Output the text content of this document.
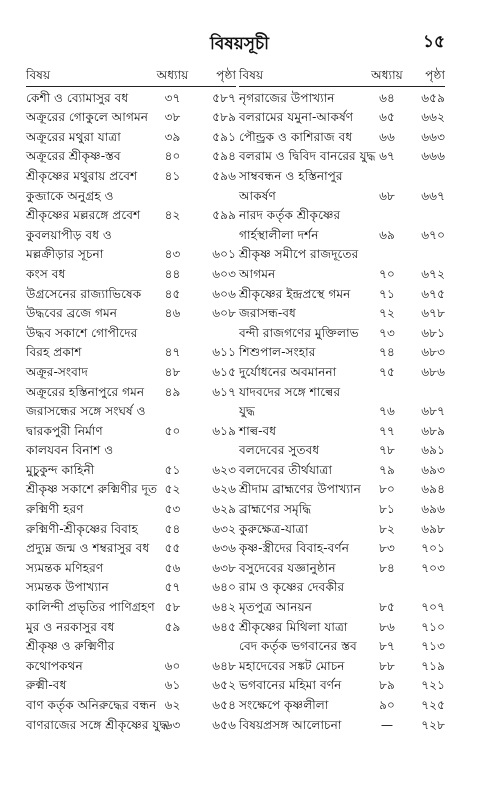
বিষয়সূচী	১৫
বিষয়	অধ্যায়	পৃষ্ঠা
কেশী ও ব্যোমাসুর বধ	৩৭	৫৮৭
অক্রূরের গোকুলে আগমন	৩৮	৫৮৯
অক্রূরের মথুরা যাত্রা	৩৯	৫৯১
অক্রূরের শ্রীকৃষ্ণ-স্তব	৪০	৫৯৪
শ্রীকৃষ্ণের মথুরায় প্রবেশ	৪১	৫৯৬
কুব্জাকে অনুগ্রহ ও
শ্রীকৃষ্ণের মল্লরঙ্গে প্রবেশ	৪২	৫৯৯
কুবলয়াপীড় বধ ও
মল্লক্রীড়ার সূচনা	৪৩	৬০১
কংস বধ	৪৪	৬০৩
উগ্রসেনের রাজ্যাভিষেক	৪৫	৬০৬
উদ্ধবের ব্রজে গমন	৪৬	৬০৮
উদ্ধব সকাশে গোপীদের
বিরহ প্রকাশ	৪৭	৬১১
অক্রূর-সংবাদ	৪৮	৬১৫
অক্রূরের হস্তিনাপুরে গমন	৪৯	৬১৭
জরাসন্ধের সঙ্গে সংঘর্ষ ও
দ্বারকপুরী নির্মাণ	৫০	৬১৯
কালযবন বিনাশ ও
মুচুকুন্দ কাহিনী	৫১	৬২৩
শ্রীকৃষ্ণ সকাশে রুক্মিণীর দূত ৫২	৬২৬
রুক্মিণী হরণ	৫৩	৬২৯
রুক্মিণী-শ্রীকৃষ্ণের বিবাহ	৫৪	৬৩২
প্রদ্যুম্ন জন্ম ও শম্বরাসুর বধ	৫৫	৬৩৬
স্যমন্তক মণিহরণ	৫৬	৬৩৮
স্যমন্তক উপাখ্যান	৫৭	৬৪০
কালিন্দী প্রভৃতির পাণিগ্রহণ ৫৮	৬৪২
মুর ও নরকাসুর বধ	৫৯	৬৪৫
শ্রীকৃষ্ণ ও রুক্মিণীর
কথোপকথন	৬০	৬৪৮
রুক্মী-বধ	৬১	৬৫২
বাণ কর্তৃক অনিরুদ্ধের বন্ধন ৬২	৬৫৪
বাণরাজের সঙ্গে শ্রীকৃষ্ণের যুদ্ধ
৬৩	৬৫৬
বিষয়	অধ্যায়	পৃষ্ঠা
নৃগরাজের উপাখ্যান	৬৪	৬৫৯
বলরামের যমুনা-আকর্ষণ	৬৫	৬৬২
পৌন্ড্রক ও কাশিরাজ বধ	৬৬	৬৬৩
বলরাম ও দ্বিবিদ বানরের যুদ্ধ ৬৭	৬৬৬
সাম্ববন্ধন ও হস্তিনাপুর
আকর্ষণ	৬৮	৬৬৭
নারদ কর্তৃক শ্রীকৃষ্ণের
গার্হস্থালীলা দর্শন	৬৯	৬৭০
শ্রীকৃষ্ণ সমীপে রাজদূতের
আগমন	৭০	৬৭২
শ্রীকৃষ্ণের ইন্দ্রপ্রস্থে গমন	৭১	৬৭৫
জরাসন্ধ-বধ	৭২	৬৭৮
বন্দী রাজগণের মুক্তিলাভ	৭৩	৬৮১
শিশুপাল-সংহার	৭৪	৬৮৩
দুর্যোধনের অবমাননা	৭৫	৬৮৬
যাদবদের সঙ্গে শাল্বের
যুদ্ধ	৭৬	৬৮৭
শাল্ব-বধ	৭৭	৬৮৯
বলদেবের সুতবধ	৭৮	৬৯১
বলদেবের তীর্থযাত্রা	৭৯	৬৯৩
শ্রীদাম ব্রাহ্মণের উপাখ্যান	৮০	৬৯৪
ব্রাহ্মণের সমৃদ্ধি	৮১	৬৯৬
কুরুক্ষেত্র-যাত্রা	৮২	৬৯৮
কৃষ্ণ-স্ত্রীদের বিবাহ-বর্ণন	৮৩	৭০১
বসুদেবের যজ্ঞানুষ্ঠান	৮৪	৭০৩
রাম ও কৃষ্ণের দেবকীর
মৃতপুত্র আনয়ন	৮৫	৭০৭
শ্রীকৃষ্ণের মিথিলা যাত্রা	৮৬	৭১০
বেদ কর্তৃক ভগবানের স্তব	৮৭	৭১৩
মহাদেবের সঙ্কট মোচন	৮৮	৭১৯
ভগবানের মহিমা বর্ণন	৮৯	৭২১
সংক্ষেপে কৃষ্ণলীলা	৯০	৭২৫
বিষয়প্রসঙ্গ আলোচনা	—	৭২৮
